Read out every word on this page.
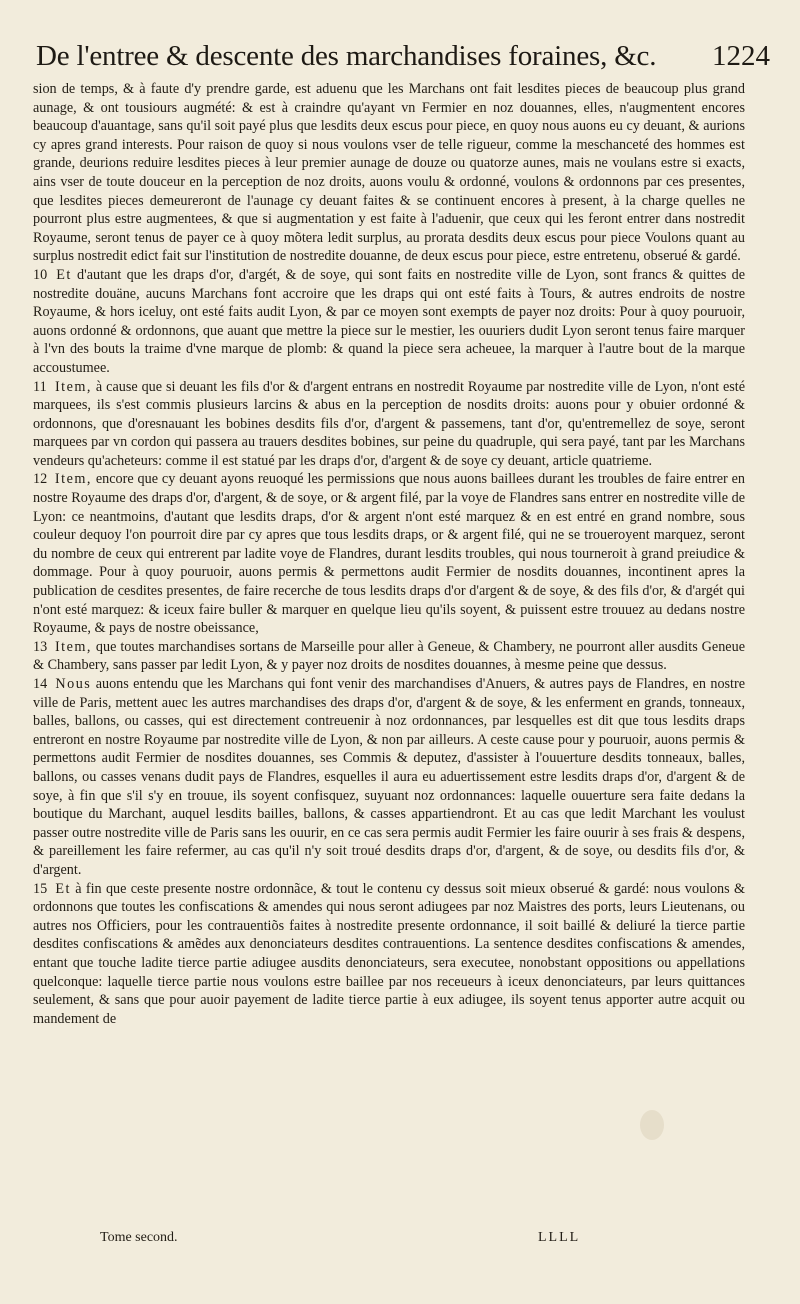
De l'entree & descente des marchandises foraines, &c. 1224

sion de temps, & à faute d'y prendre garde, est aduenu que les Marchans ont fait lesdites pieces de beaucoup plus grand aunage, & ont tousiours augmété: & est à craindre qu'ayant vn Fermier en noz douannes, elles, n'augmentent encores beaucoup d'auantage, sans qu'il soit payé plus que lesdits deux escus pour piece, en quoy nous auons eu cy deuant, & aurions cy apres grand interests. Pour raison de quoy si nous voulons vser de telle rigueur, comme la meschanceté des hommes est grande, deurions reduire lesdites pieces à leur premier aunage de douze ou quatorze aunes, mais ne voulans estre si exacts, ains vser de toute douceur en la perception de noz droits, auons voulu & ordonné, voulons & ordonnons par ces presentes, que lesdites pieces demeureront de l'aunage cy deuant faites & se continuent encores à present, à la charge quelles ne pourront plus estre augmentees, & que si augmentation y est faite à l'aduenir, que ceux qui les feront entrer dans nostredit Royaume, seront tenus de payer ce à quoy mõtera ledit surplus, au prorata desdits deux escus pour piece Voulons quant au surplus nostredit edict fait sur l'institution de nostredite douanne, de deux escus pour piece, estre entretenu, obserué & gardé.

10 Et d'autant que les draps d'or, d'argét, & de soye, qui sont faits en nostredite ville de Lyon, sont francs & quittes de nostredite douäne, aucuns Marchans font accroire que les draps qui ont esté faits à Tours, & autres endroits de nostre Royaume, & hors iceluy, ont esté faits audit Lyon, & par ce moyen sont exempts de payer noz droits: Pour à quoy pouruoir, auons ordonné & ordonnons, que auant que mettre la piece sur le mestier, les ouuriers dudit Lyon seront tenus faire marquer à l'vn des bouts la traime d'vne marque de plomb: & quand la piece sera acheuee, la marquer à l'autre bout de la marque accoustumee.

11 Item, à cause que si deuant les fils d'or & d'argent entrans en nostredit Royaume par nostredite ville de Lyon, n'ont esté marquees, ils s'est commis plusieurs larcins & abus en la perception de nosdits droits: auons pour y obuier ordonné & ordonnons, que d'oresnauant les bobines desdits fils d'or, d'argent & passemens, tant d'or, qu'entremellez de soye, seront marquees par vn cordon qui passera au trauers desdites bobines, sur peine du quadruple, qui sera payé, tant par les Marchans vendeurs qu'acheteurs: comme il est statué par les draps d'or, d'argent & de soye cy deuant, article quatrieme.

12 Item, encore que cy deuant ayons reuoqué les permissions que nous auons baillees durant les troubles de faire entrer en nostre Royaume des draps d'or, d'argent, & de soye, or & argent filé, par la voye de Flandres sans entrer en nostredite ville de Lyon: ce neantmoins, d'autant que lesdits draps, d'or & argent n'ont esté marquez & en est entré en grand nombre, sous couleur dequoy l'on pourroit dire par cy apres que tous lesdits draps, or & argent filé, qui ne se troueroyent marquez, seront du nombre de ceux qui entrerent par ladite voye de Flandres, durant lesdits troubles, qui nous tourneroit à grand preiudice & dommage. Pour à quoy pouruoir, auons permis & permettons audit Fermier de nosdits douannes, incontinent apres la publication de cesdites presentes, de faire recerche de tous lesdits draps d'or d'argent & de soye, & des fils d'or, & d'argét qui n'ont esté marquez: & iceux faire buller & marquer en quelque lieu qu'ils soyent, & puissent estre trouuez au dedans nostre Royaume, & pays de nostre obeissance,

13 Item, que toutes marchandises sortans de Marseille pour aller à Geneue, & Chambery, ne pourront aller ausdits Geneue & Chambery, sans passer par ledit Lyon, & y payer noz droits de nosdites douannes, à mesme peine que dessus.

14 Nous auons entendu que les Marchans qui font venir des marchandises d'Anuers, & autres pays de Flandres, en nostre ville de Paris, mettent auec les autres marchandises des draps d'or, d'argent & de soye, & les enferment en grands, tonneaux, balles, ballons, ou casses, qui est directement contreuenir à noz ordonnances, par lesquelles est dit que tous lesdits draps entreront en nostre Royaume par nostredite ville de Lyon, & non par ailleurs. A ceste cause pour y pouruoir, auons permis & permettons audit Fermier de nosdites douannes, ses Commis & deputez, d'assister à l'ouuerture desdits tonneaux, balles, ballons, ou casses venans dudit pays de Flandres, esquelles il aura eu aduertissement estre lesdits draps d'or, d'argent & de soye, à fin que s'il s'y en trouue, ils soyent confisquez, suyuant noz ordonnances: laquelle ouuerture sera faite dedans la boutique du Marchant, auquel lesdits bailles, ballons, & casses appartiendront. Et au cas que ledit Marchant les voulust passer outre nostredite ville de Paris sans les ouurir, en ce cas sera permis audit Fermier les faire ouurir à ses frais & despens, & pareillement les faire refermer, au cas qu'il n'y soit troué desdits draps d'or, d'argent, & de soye, ou desdits fils d'or, & d'argent.

15 Et à fin que ceste presente nostre ordonnãce, & tout le contenu cy dessus soit mieux obserué & gardé: nous voulons & ordonnons que toutes les confiscations & amendes qui nous seront adiugees par noz Maistres des ports, leurs Lieutenans, ou autres nos Officiers, pour les contrauentiõs faites à nostredite presente ordonnance, il soit baillé & deliuré la tierce partie desdites confiscations & amẽdes aux denonciateurs desdites contrauentions. La sentence desdites confiscations & amendes, entant que touche ladite tierce partie adiugee ausdits denonciateurs, sera executee, nonobstant oppositions ou appellations quelconque: laquelle tierce partie nous voulons estre baillee par nos receueurs à iceux denonciateurs, par leurs quittances seulement, & sans que pour auoir payement de ladite tierce partie à eux adiugee, ils soyent tenus apporter autre acquit ou mandement de

Tome second.	LLLL
